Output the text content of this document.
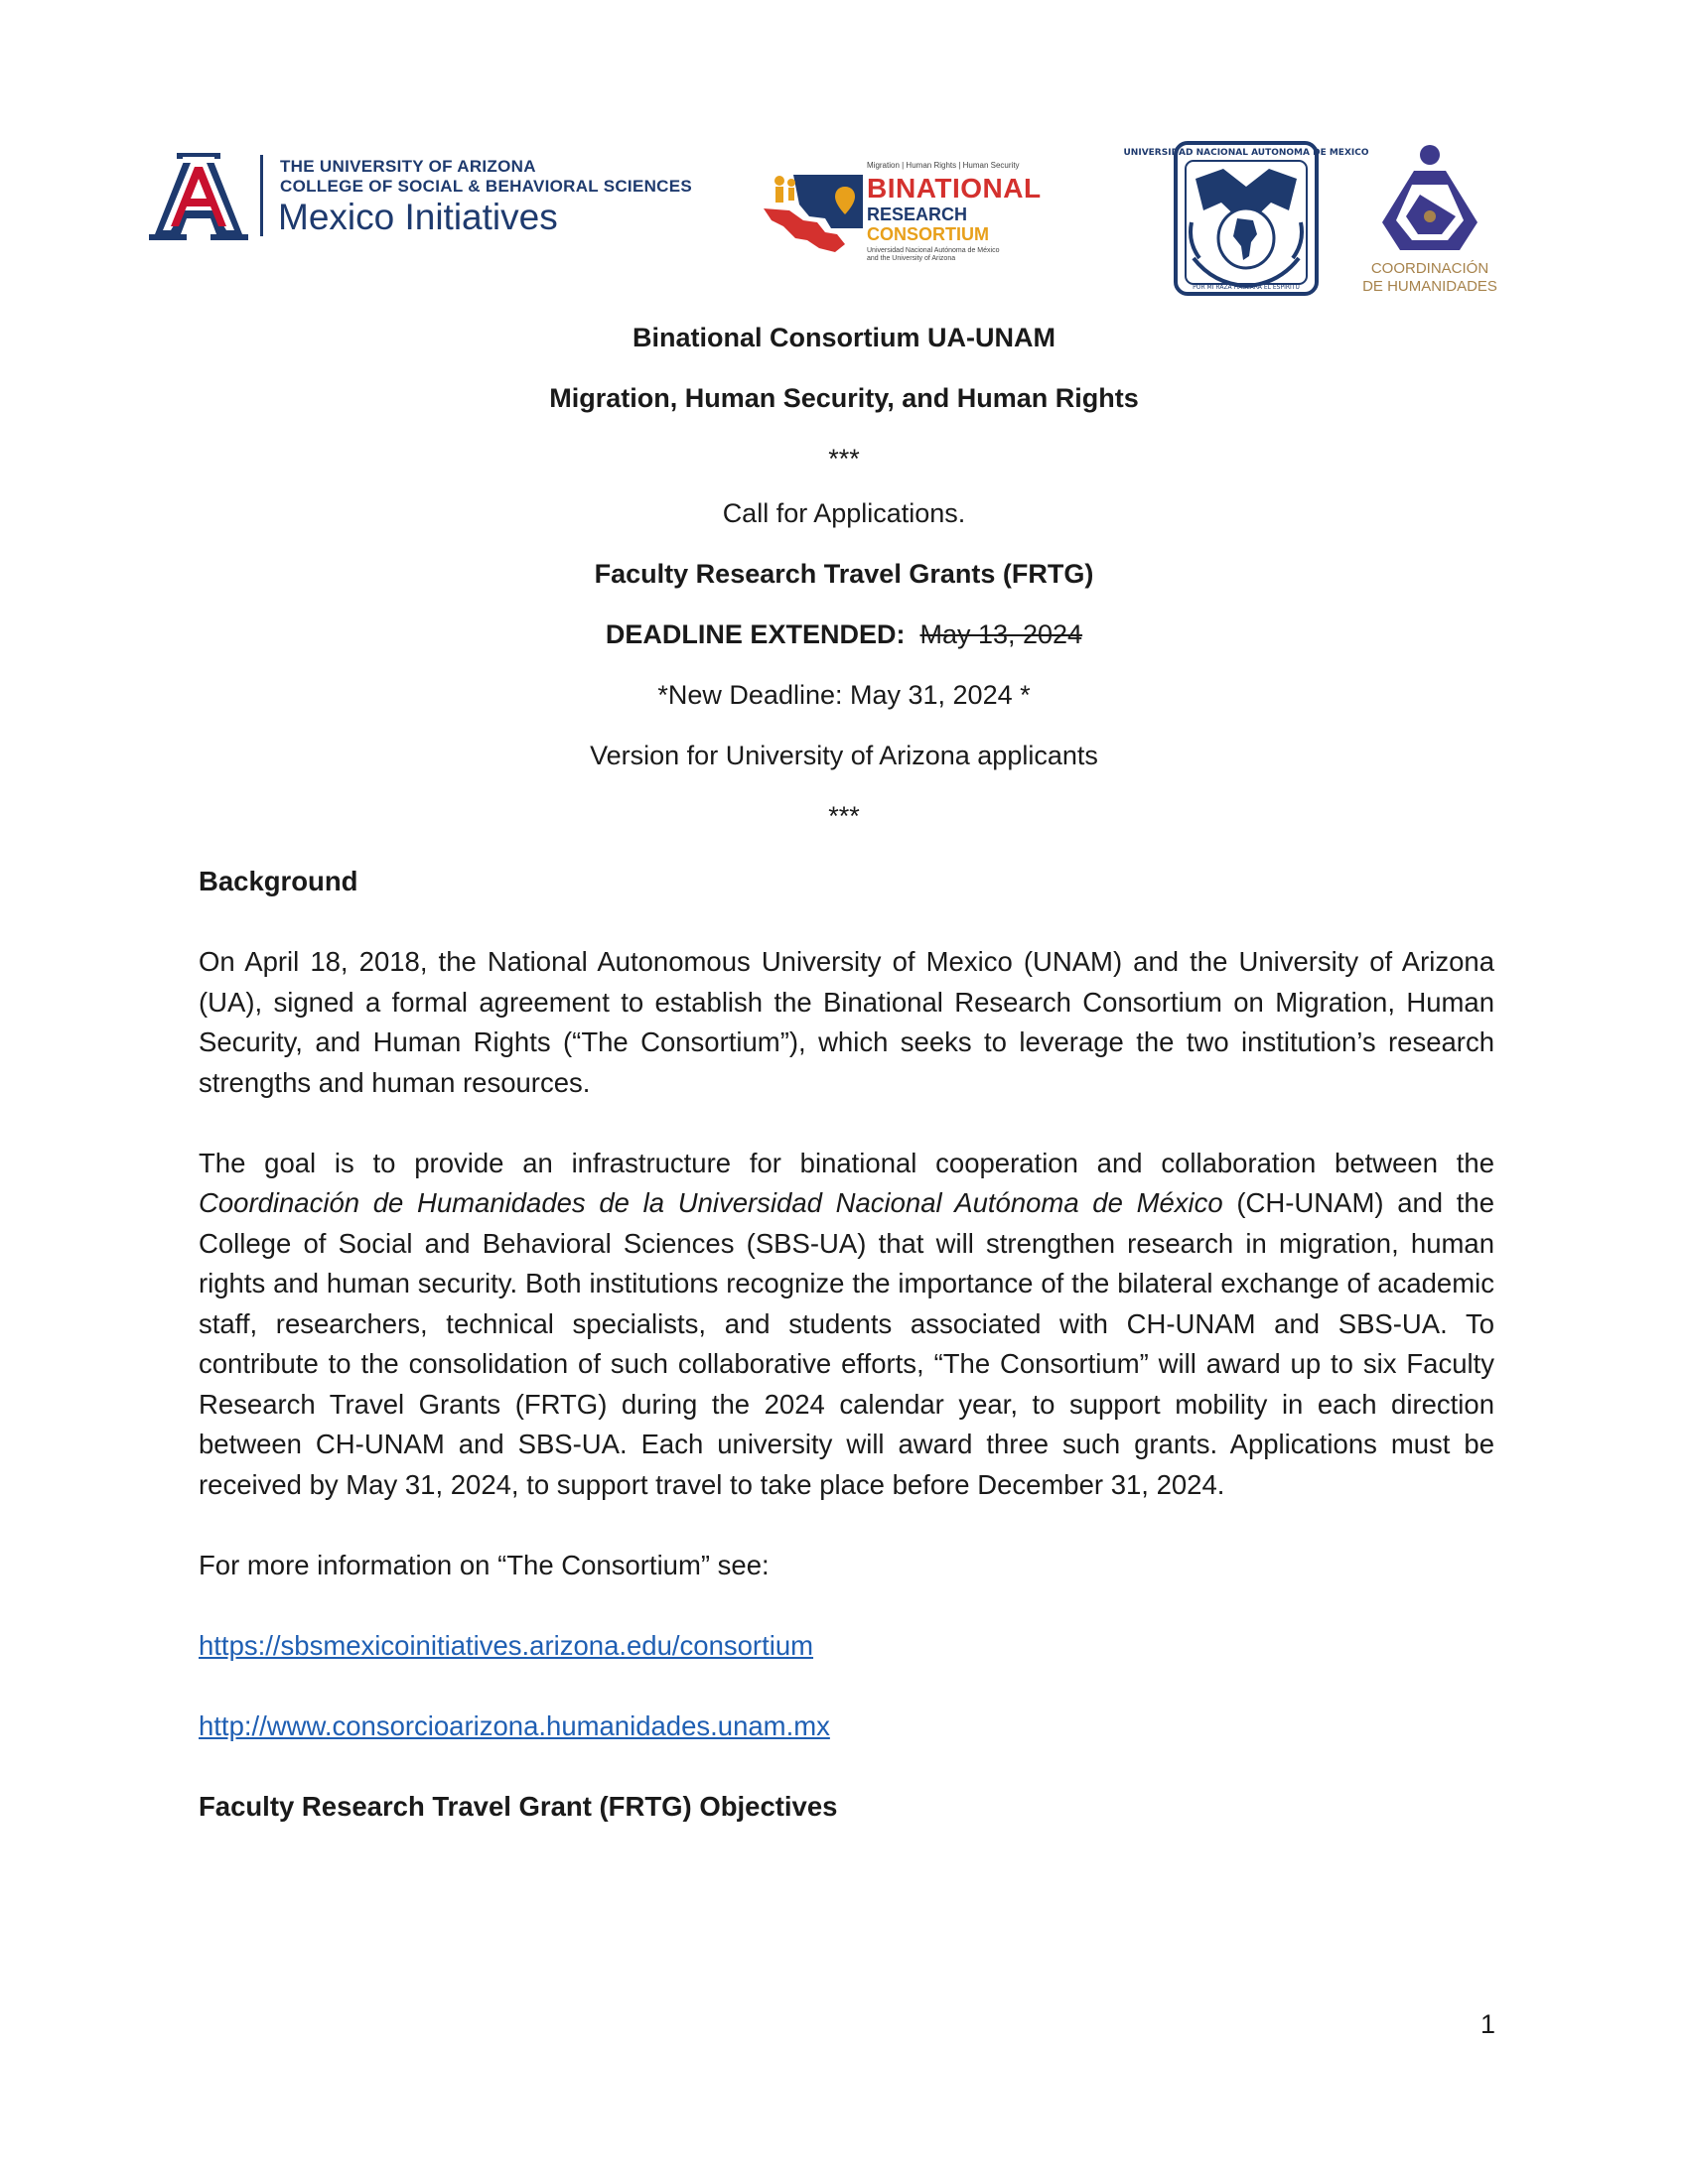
THE UNIVERSITY OF ARIZONA
COLLEGE OF SOCIAL & BEHAVIORAL SCIENCES
Mexico Initiatives
Migration | Human Rights | Human Security
BINATIONAL
RESEARCH
CONSORTIUM
Universidad Nacional Autónoma de México
and the University of Arizona
UNIVERSIDAD NACIONAL AUTONOMA DE MEXICO
POR MI RAZA HABLARA EL ESPIRITU
COORDINACIÓN
DE HUMANIDADES
Binational Consortium UA-UNAM
Migration, Human Security, and Human Rights
***
Call for Applications.
Faculty Research Travel Grants (FRTG)
DEADLINE EXTENDED: May 13, 2024
*New Deadline: May 31, 2024 *
Version for University of Arizona applicants
***

Background

On April 18, 2018, the National Autonomous University of Mexico (UNAM) and the University of Arizona (UA), signed a formal agreement to establish the Binational Research Consortium on Migration, Human Security, and Human Rights (“The Consortium”), which seeks to leverage the two institution’s research strengths and human resources.

The goal is to provide an infrastructure for binational cooperation and collaboration between the Coordinación de Humanidades de la Universidad Nacional Autónoma de México (CH-UNAM) and the College of Social and Behavioral Sciences (SBS-UA) that will strengthen research in migration, human rights and human security. Both institutions recognize the importance of the bilateral exchange of academic staff, researchers, technical specialists, and students associated with CH-UNAM and SBS-UA. To contribute to the consolidation of such collaborative efforts, “The Consortium” will award up to six Faculty Research Travel Grants (FRTG) during the 2024 calendar year, to support mobility in each direction between CH-UNAM and SBS-UA. Each university will award three such grants. Applications must be received by May 31, 2024, to support travel to take place before December 31, 2024.

For more information on “The Consortium” see:

https://sbsmexicoinitiatives.arizona.edu/consortium

http://www.consorcioarizona.humanidades.unam.mx

Faculty Research Travel Grant (FRTG) Objectives

1
